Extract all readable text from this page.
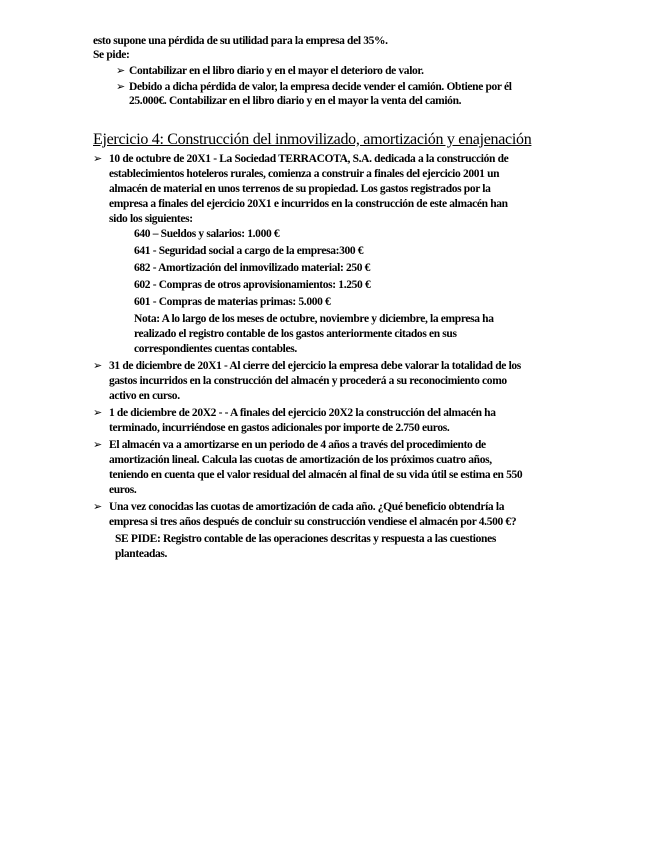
esto supone una pérdida de su utilidad para la empresa del 35%.
Se pide:
➢ Contabilizar en el libro diario y en el mayor el deterioro de valor.
➢ Debido a dicha pérdida de valor, la empresa decide vender el camión. Obtiene por él
25.000€. Contabilizar en el libro diario y en el mayor la venta del camión.
Ejercicio 4: Construcción del inmovilizado, amortización y enajenación
➢ 10 de octubre de 20X1 - La Sociedad TERRACOTA, S.A. dedicada a la construcción de
establecimientos hoteleros rurales, comienza a construir a finales del ejercicio 2001 un
almacén de material en unos terrenos de su propiedad. Los gastos registrados por la
empresa a finales del ejercicio 20X1 e incurridos en la construcción de este almacén han
sido los siguientes:
640 – Sueldos y salarios: 1.000 €
641 - Seguridad social a cargo de la empresa:300 €
682 - Amortización del inmovilizado material: 250 €
602 - Compras de otros aprovisionamientos: 1.250 €
601 - Compras de materias primas: 5.000 €
Nota: A lo largo de los meses de octubre, noviembre y diciembre, la empresa ha
realizado el registro contable de los gastos anteriormente citados en sus
correspondientes cuentas contables.
➢ 31 de diciembre de 20X1 - Al cierre del ejercicio la empresa debe valorar la totalidad de los
gastos incurridos en la construcción del almacén y procederá a su reconocimiento como
activo en curso.
➢ 1 de diciembre de 20X2 - - A finales del ejercicio 20X2 la construcción del almacén ha
terminado, incurriéndose en gastos adicionales por importe de 2.750 euros.
➢ El almacén va a amortizarse en un periodo de 4 años a través del procedimiento de
amortización lineal. Calcula las cuotas de amortización de los próximos cuatro años,
teniendo en cuenta que el valor residual del almacén al final de su vida útil se estima en 550
euros.
➢ Una vez conocidas las cuotas de amortización de cada año. ¿Qué beneficio obtendría la
empresa si tres años después de concluir su construcción vendiese el almacén por 4.500 €?
SE PIDE: Registro contable de las operaciones descritas y respuesta a las cuestiones
planteadas.
